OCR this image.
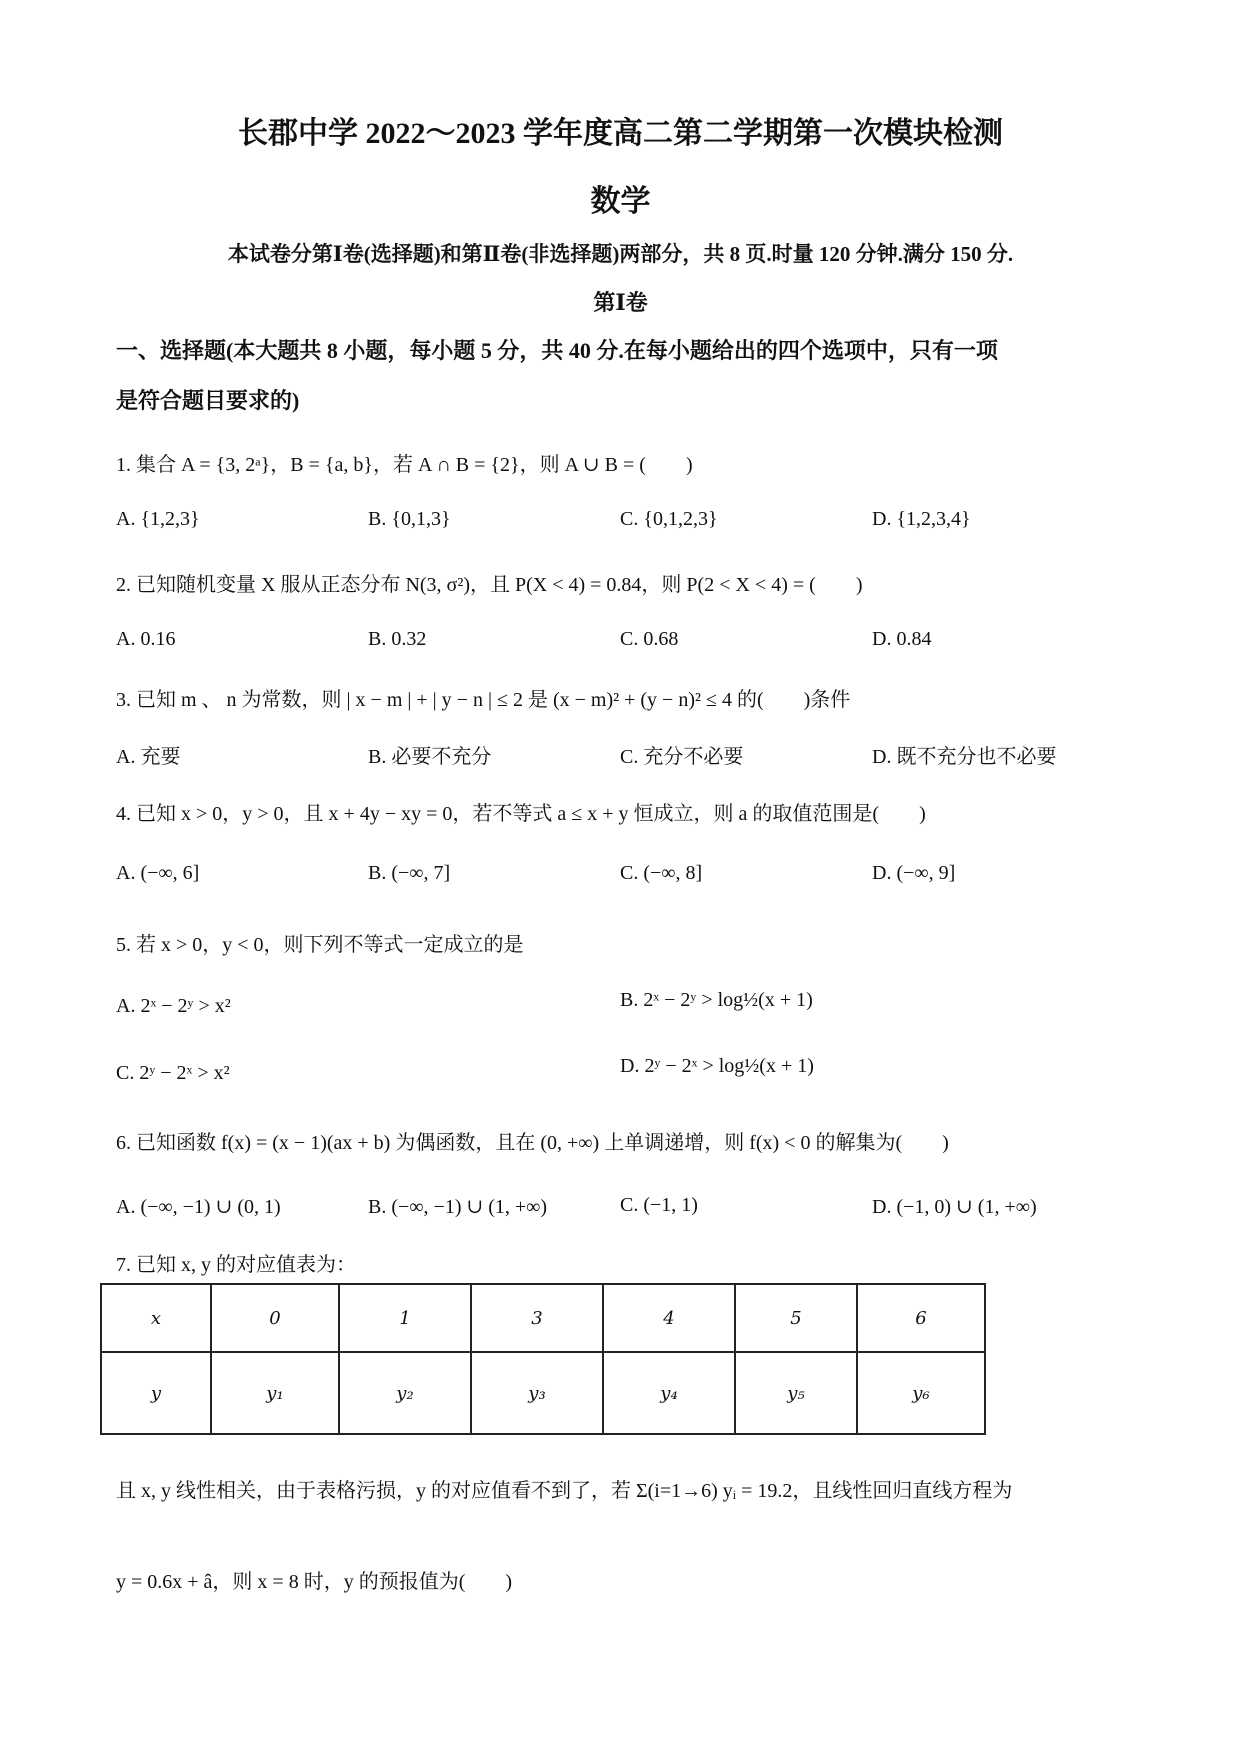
长郡中学 2022～2023 学年度高二第二学期第一次模块检测
数学
本试卷分第Ⅰ卷(选择题)和第Ⅱ卷(非选择题)两部分，共 8 页.时量 120 分钟.满分 150 分.
第Ⅰ卷
一、选择题(本大题共 8 小题，每小题 5 分，共 40 分.在每小题给出的四个选项中，只有一项
是符合题目要求的)
1. 集合 A = {3, 2ᵃ}，B = {a, b}，若 A ∩ B = {2}，则 A ∪ B = (　　)
A. {1,2,3}	B. {0,1,3}	C. {0,1,2,3}	D. {1,2,3,4}
2. 已知随机变量 X 服从正态分布 N(3, σ²)，且 P(X < 4) = 0.84，则 P(2 < X < 4) = (　　)
A. 0.16	B. 0.32	C. 0.68	D. 0.84
3. 已知 m 、 n 为常数，则 | x − m | + | y − n | ≤ 2 是 (x − m)² + (y − n)² ≤ 4 的(　　)条件
A. 充要	B. 必要不充分	C. 充分不必要	D. 既不充分也不必要
4. 已知 x > 0，y > 0，且 x + 4y − xy = 0，若不等式 a ≤ x + y 恒成立，则 a 的取值范围是(　　)
A. (−∞, 6]	B. (−∞, 7]	C. (−∞, 8]	D. (−∞, 9]
5. 若 x > 0，y < 0，则下列不等式一定成立的是
A. 2ˣ − 2ʸ > x²	B. 2ˣ − 2ʸ > log½(x + 1)
C. 2ʸ − 2ˣ > x²	D. 2ʸ − 2ˣ > log½(x + 1)
6. 已知函数 f(x) = (x − 1)(ax + b) 为偶函数，且在 (0, +∞) 上单调递增，则 f(x) < 0 的解集为(　　)
A. (−∞, −1) ∪ (0, 1)	B. (−∞, −1) ∪ (1, +∞)	C. (−1, 1)	D. (−1, 0) ∪ (1, +∞)
7. 已知 x, y 的对应值表为：
x	0	1	3	4	5	6
y	y₁	y₂	y₃	y₄	y₅	y₆
且 x, y 线性相关，由于表格污损，y 的对应值看不到了，若 Σ(i=1→6) yᵢ = 19.2，且线性回归直线方程为
y = 0.6x + â，则 x = 8 时，y 的预报值为(　　)
